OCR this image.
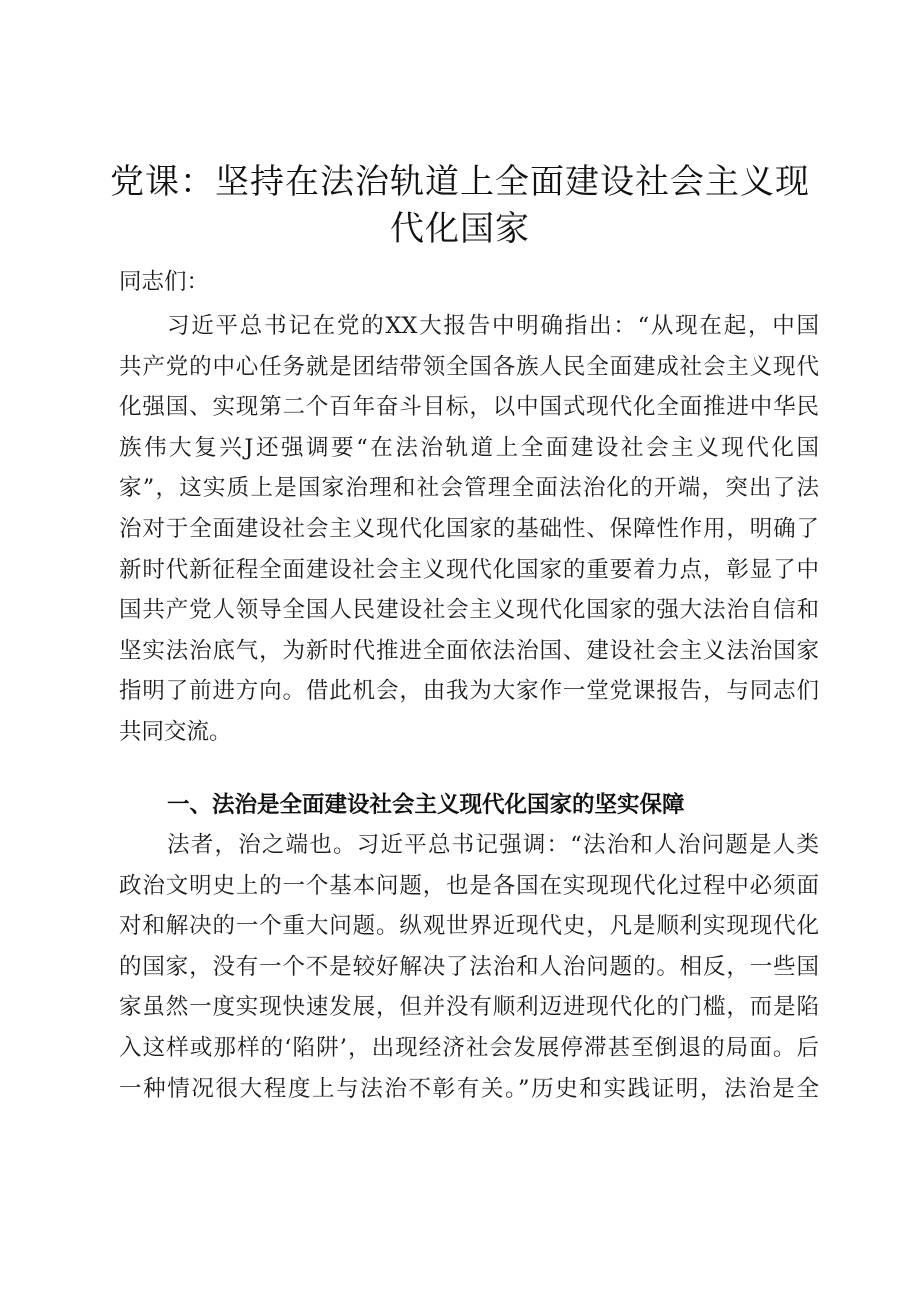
党课：坚持在法治轨道上全面建设社会主义现
代化国家
同志们：
习近平总书记在党的XX大报告中明确指出：“从现在起，中国
共产党的中心任务就是团结带领全国各族人民全面建成社会主义现代
化强国、实现第二个百年奋斗目标，以中国式现代化全面推进中华民
族伟大复兴J还强调要“在法治轨道上全面建设社会主义现代化国
家”，这实质上是国家治理和社会管理全面法治化的开端，突出了法
治对于全面建设社会主义现代化国家的基础性、保障性作用，明确了
新时代新征程全面建设社会主义现代化国家的重要着力点，彰显了中
国共产党人领导全国人民建设社会主义现代化国家的强大法治自信和
坚实法治底气，为新时代推进全面依法治国、建设社会主义法治国家
指明了前进方向。借此机会，由我为大家作一堂党课报告，与同志们
共同交流。
一、法治是全面建设社会主义现代化国家的坚实保障
法者，治之端也。习近平总书记强调：“法治和人治问题是人类
政治文明史上的一个基本问题，也是各国在实现现代化过程中必须面
对和解决的一个重大问题。纵观世界近现代史，凡是顺利实现现代化
的国家，没有一个不是较好解决了法治和人治问题的。相反，一些国
家虽然一度实现快速发展，但并没有顺利迈进现代化的门槛，而是陷
入这样或那样的‘陷阱’，出现经济社会发展停滞甚至倒退的局面。后
一种情况很大程度上与法治不彰有关。”历史和实践证明，法治是全
